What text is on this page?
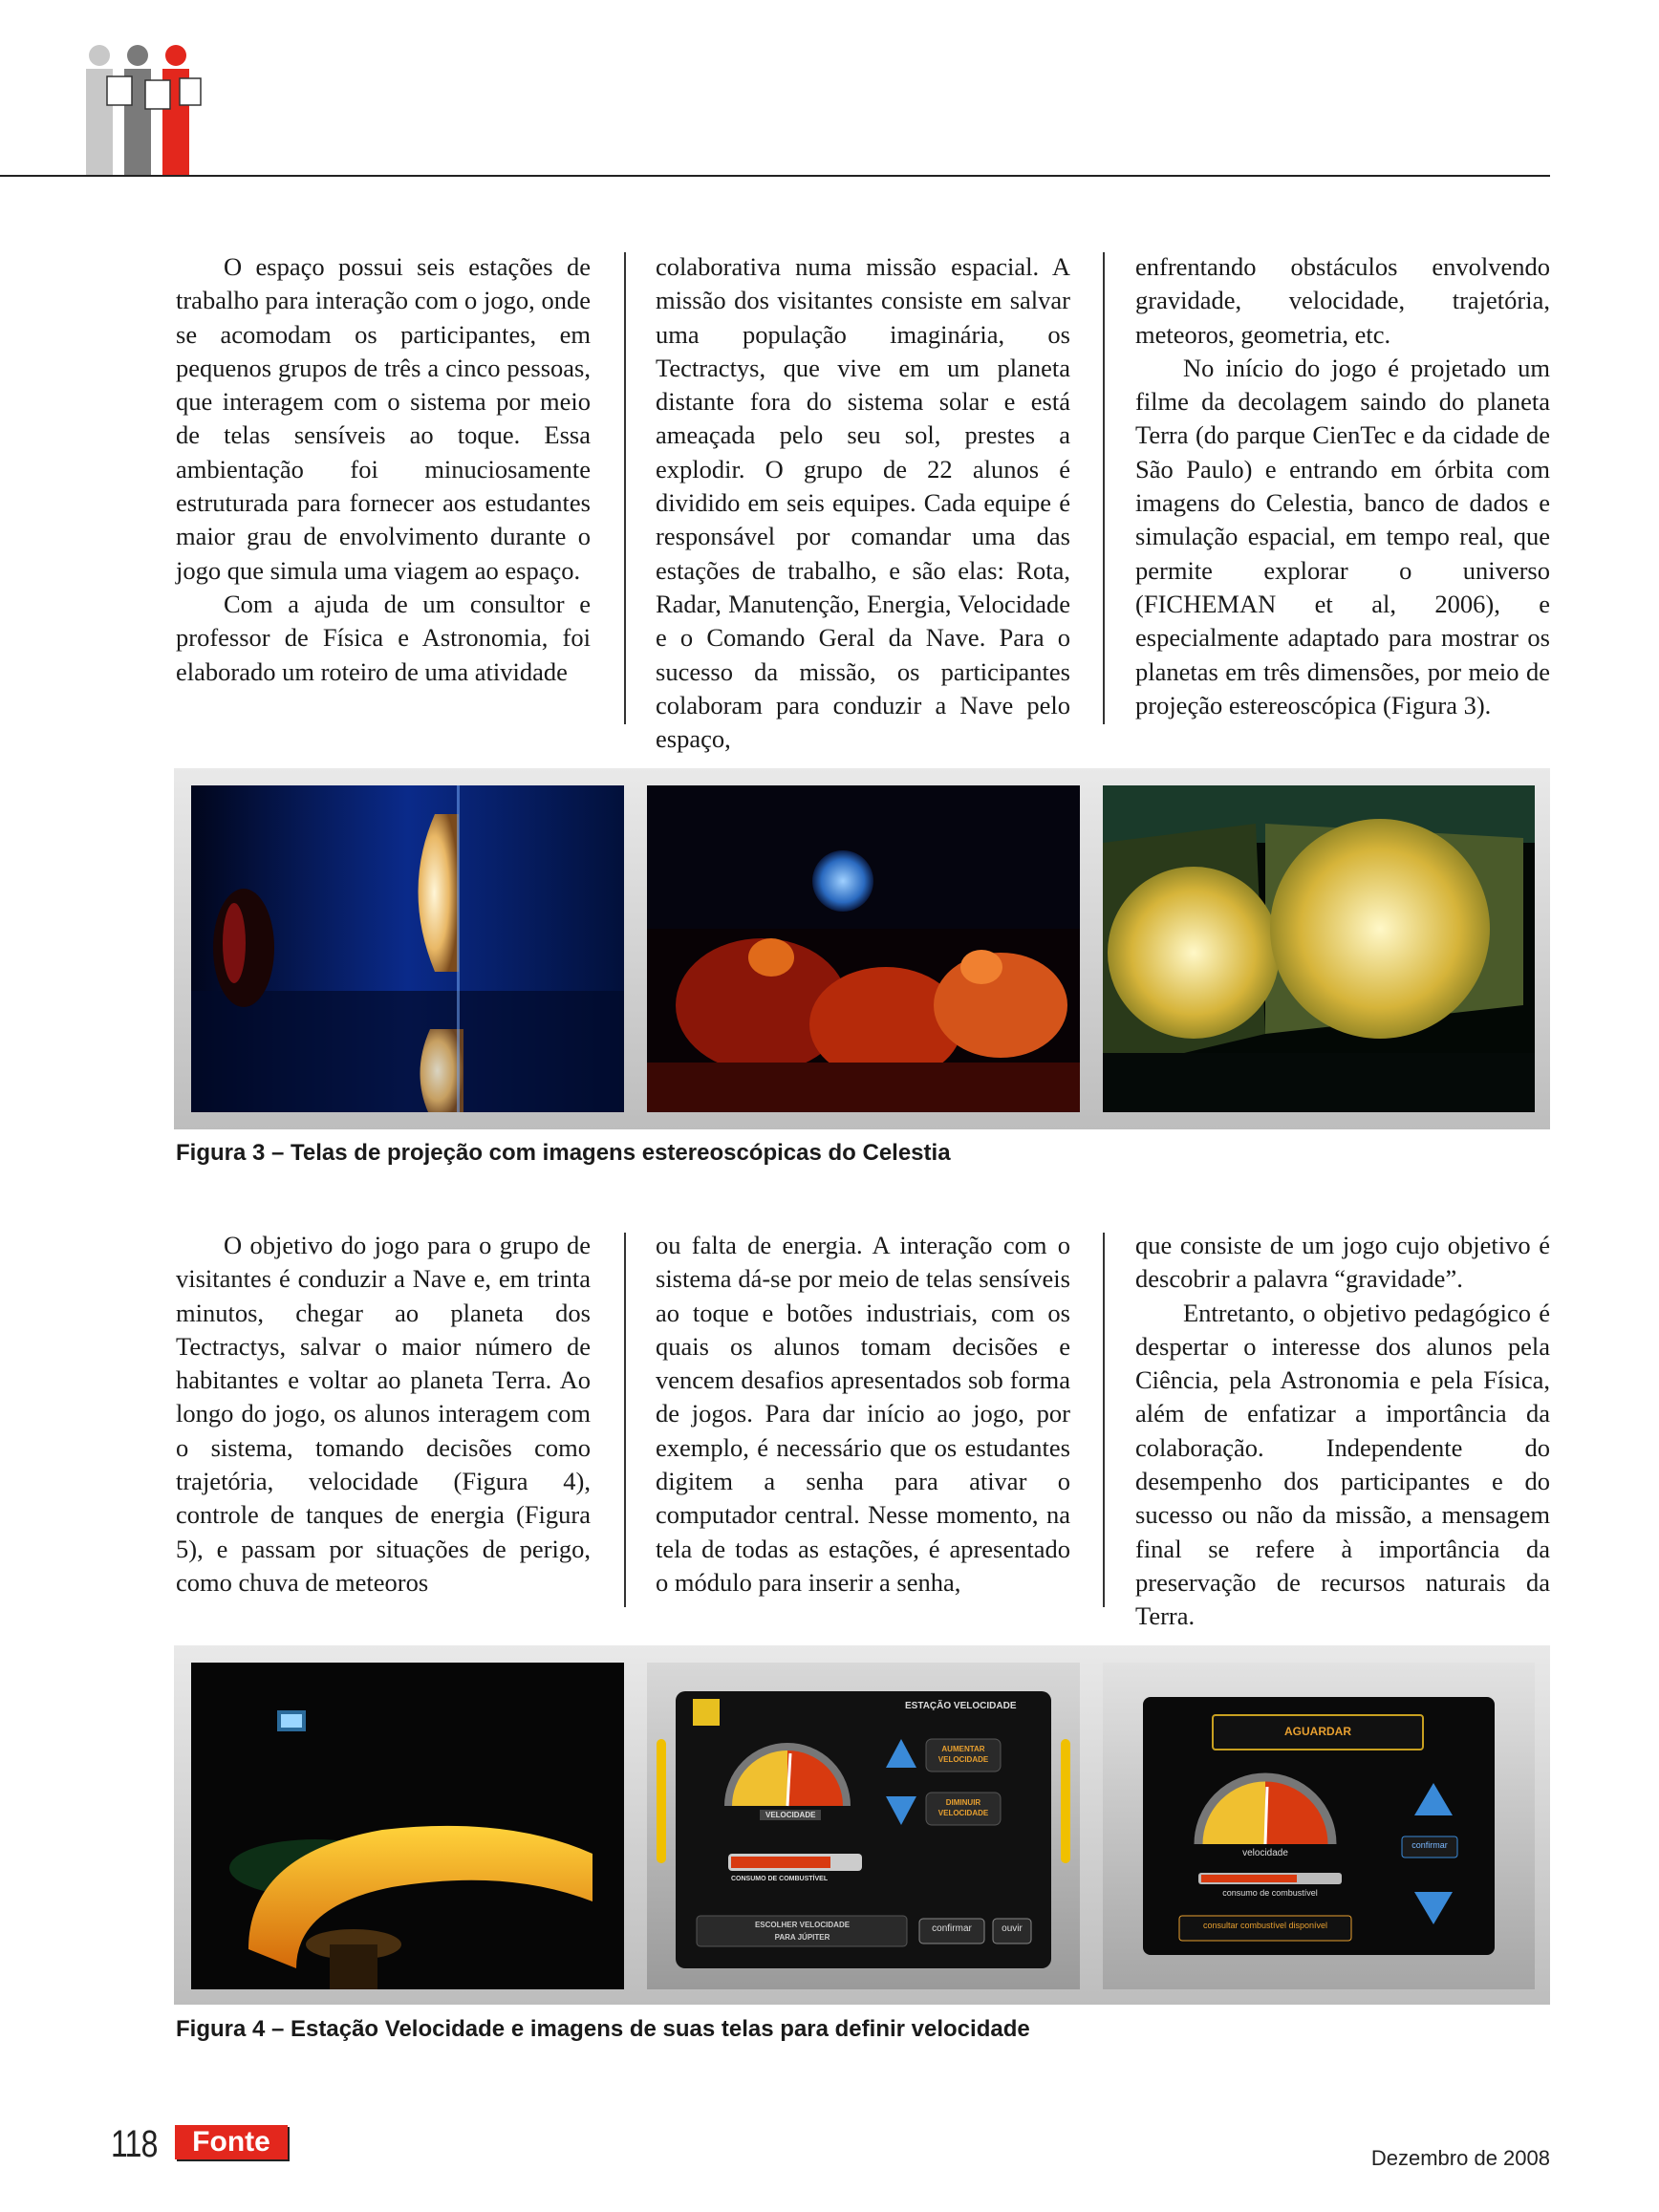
O espaço possui seis estações de trabalho para interação com o jogo, onde se acomodam os participantes, em pequenos grupos de três a cinco pessoas, que interagem com o sistema por meio de telas sensíveis ao toque. Essa ambientação foi minuciosamente estruturada para fornecer aos estudantes maior grau de envolvimento durante o jogo que simula uma viagem ao espaço.

Com a ajuda de um consultor e professor de Física e Astronomia, foi elaborado um roteiro de uma atividade

colaborativa numa missão espacial. A missão dos visitantes consiste em salvar uma população imaginária, os Tectractys, que vive em um planeta distante fora do sistema solar e está ameaçada pelo seu sol, prestes a explodir. O grupo de 22 alunos é dividido em seis equipes. Cada equipe é responsável por comandar uma das estações de trabalho, e são elas: Rota, Radar, Manutenção, Energia, Velocidade e o Comando Geral da Nave. Para o sucesso da missão, os participantes colaboram para conduzir a Nave pelo espaço,

enfrentando obstáculos envolvendo gravidade, velocidade, trajetória, meteoros, geometria, etc.

No início do jogo é projetado um filme da decolagem saindo do planeta Terra (do parque CienTec e da cidade de São Paulo) e entrando em órbita com imagens do Celestia, banco de dados e simulação espacial, em tempo real, que permite explorar o universo (FICHEMAN et al, 2006), e especialmente adaptado para mostrar os planetas em três dimensões, por meio de projeção estereoscópica (Figura 3).

Figura 3 – Telas de projeção com imagens estereoscópicas do Celestia

O objetivo do jogo para o grupo de visitantes é conduzir a Nave e, em trinta minutos, chegar ao planeta dos Tectractys, salvar o maior número de habitantes e voltar ao planeta Terra. Ao longo do jogo, os alunos interagem com o sistema, tomando decisões como trajetória, velocidade (Figura 4), controle de tanques de energia (Figura 5), e passam por situações de perigo, como chuva de meteoros

ou falta de energia. A interação com o sistema dá-se por meio de telas sensíveis ao toque e botões industriais, com os quais os alunos tomam decisões e vencem desafios apresentados sob forma de jogos. Para dar início ao jogo, por exemplo, é necessário que os estudantes digitem a senha para ativar o computador central. Nesse momento, na tela de todas as estações, é apresentado o módulo para inserir a senha,

que consiste de um jogo cujo objetivo é descobrir a palavra “gravidade”.

Entretanto, o objetivo pedagógico é despertar o interesse dos alunos pela Ciência, pela Astronomia e pela Física, além de enfatizar a importância da colaboração. Independente do desempenho dos participantes e do sucesso ou não da missão, a mensagem final se refere à importância da preservação de recursos naturais da Terra.

ESTAÇÃO VELOCIDADE
VELOCIDADE
AUMENTAR VELOCIDADE
DIMINUIR VELOCIDADE
CONSUMO DE COMBUSTÍVEL
ESCOLHER VELOCIDADE
PARA JÚPITER
confirmar	ouvir
AGUARDAR
velocidade
confirmar
consumo de combustível
consultar combustível disponível
Figura 4 – Estação Velocidade e imagens de suas telas para definir velocidade
118	Fonte
Dezembro de 2008
